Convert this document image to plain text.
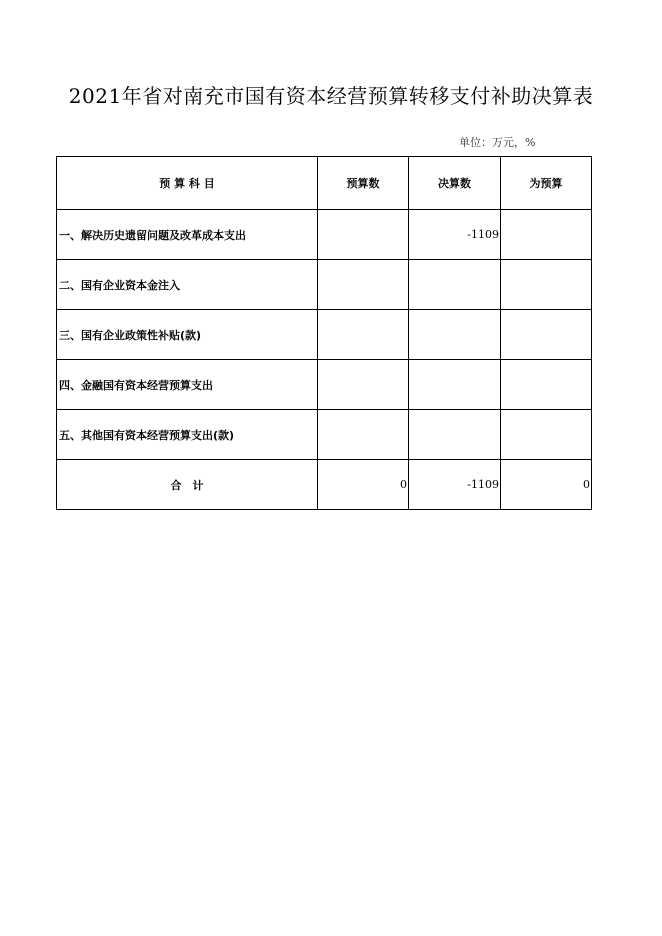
2021年省对南充市国有资本经营预算转移支付补助决算表
单位：万元，%
预 算 科 目	预算数	决算数	为预算
一、解决历史遗留问题及改革成本支出		-1109	
二、国有企业资本金注入			
三、国有企业政策性补贴(款)			
四、金融国有资本经营预算支出			
五、其他国有资本经营预算支出(款)			
合　计	0	-1109	0
